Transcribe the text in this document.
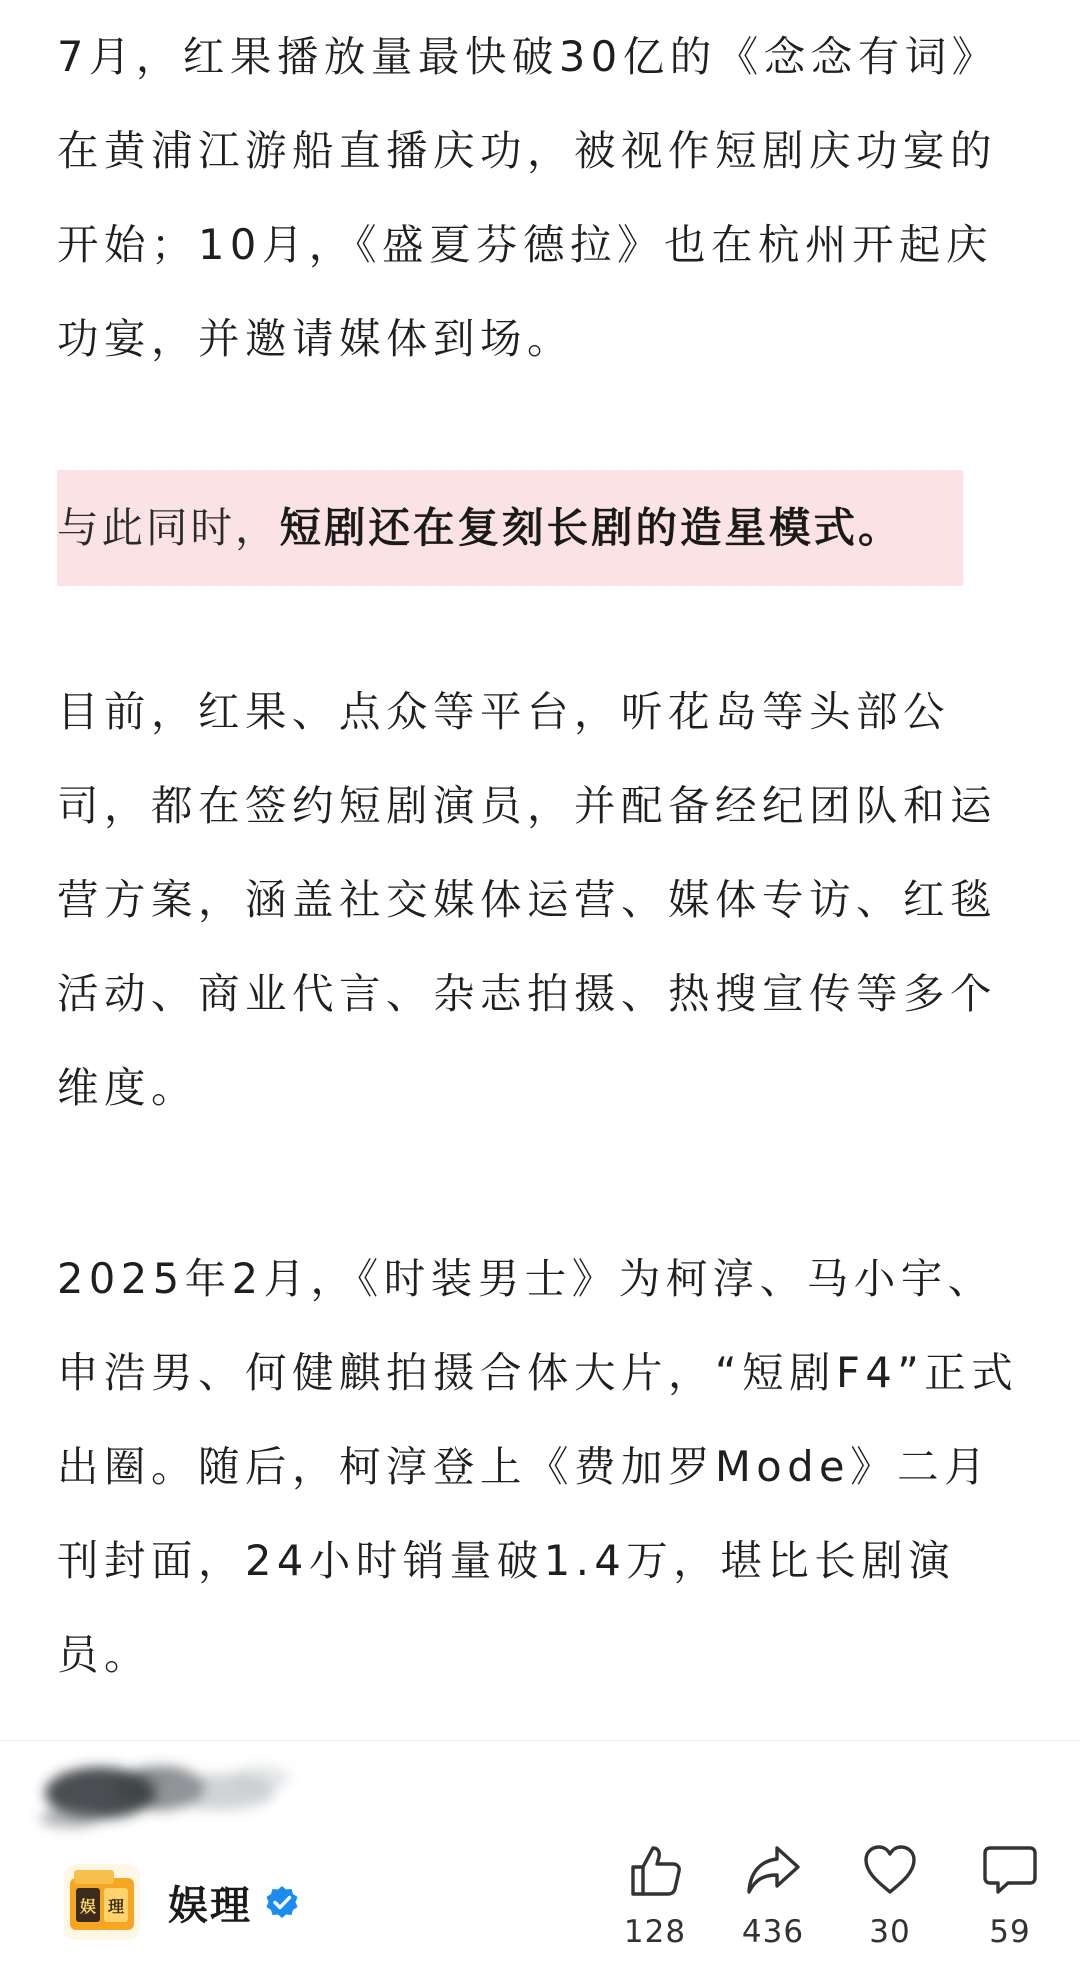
7月，红果播放量最快破30亿的《念念有词》在黄浦江游船直播庆功，被视作短剧庆功宴的开始；10月，《盛夏芬德拉》也在杭州开起庆功宴，并邀请媒体到场。

与此同时，短剧还在复刻长剧的造星模式。

目前，红果、点众等平台，听花岛等头部公司，都在签约短剧演员，并配备经纪团队和运营方案，涵盖社交媒体运营、媒体专访、红毯活动、商业代言、杂志拍摄、热搜宣传等多个维度。

2025年2月，《时装男士》为柯淳、马小宇、申浩男、何健麒拍摄合体大片，“短剧F4”正式出圈。随后，柯淳登上《费加罗Mode》二月刊封面，24小时销量破1.4万，堪比长剧演员。

娱 理 娱理
128	436	30	59
